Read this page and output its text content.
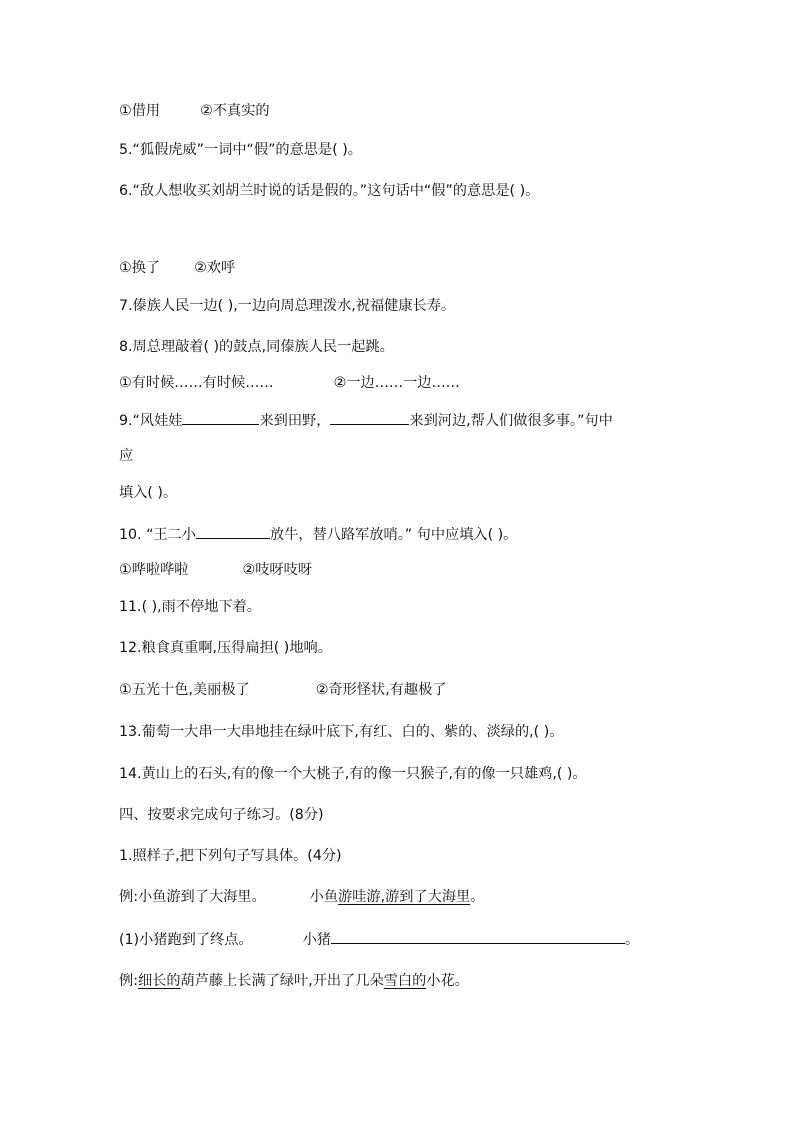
①借用	②不真实的
5.“狐假虎威”一词中“假”的意思是( )。
6.“敌人想收买刘胡兰时说的话是假的。”这句话中“假”的意思是( )。
①换了 ②欢呼
7.傣族人民一边( ),一边向周总理泼水,祝福健康长寿。
8.周总理敲着( )的鼓点,同傣族人民一起跳。
①有时候……有时候……	②一边……一边……
9.“风娃娃	来到田野，	来到河边,帮人们做很多事。”句中
应
填入( )。
10. “王二小	放牛，替八路军放哨。” 句中应填入( )。
①哗啦哗啦	②吱呀吱呀
11.( ),雨不停地下着。
12.粮食真重啊,压得扁担( )地响。
①五光十色,美丽极了	②奇形怪状,有趣极了
13.葡萄一大串一大串地挂在绿叶底下,有红、白的、紫的、淡绿的,( )。
14.黄山上的石头,有的像一个大桃子,有的像一只猴子,有的像一只雄鸡,( )。
四、按要求完成句子练习。(8分)
1.照样子,把下列句子写具体。(4分)
例:小鱼游到了大海里。	小鱼游哇游,游到了大海里。
(1)小猪跑到了终点。	小猪	。
例:细长的葫芦藤上长满了绿叶,开出了几朵雪白的小花。
